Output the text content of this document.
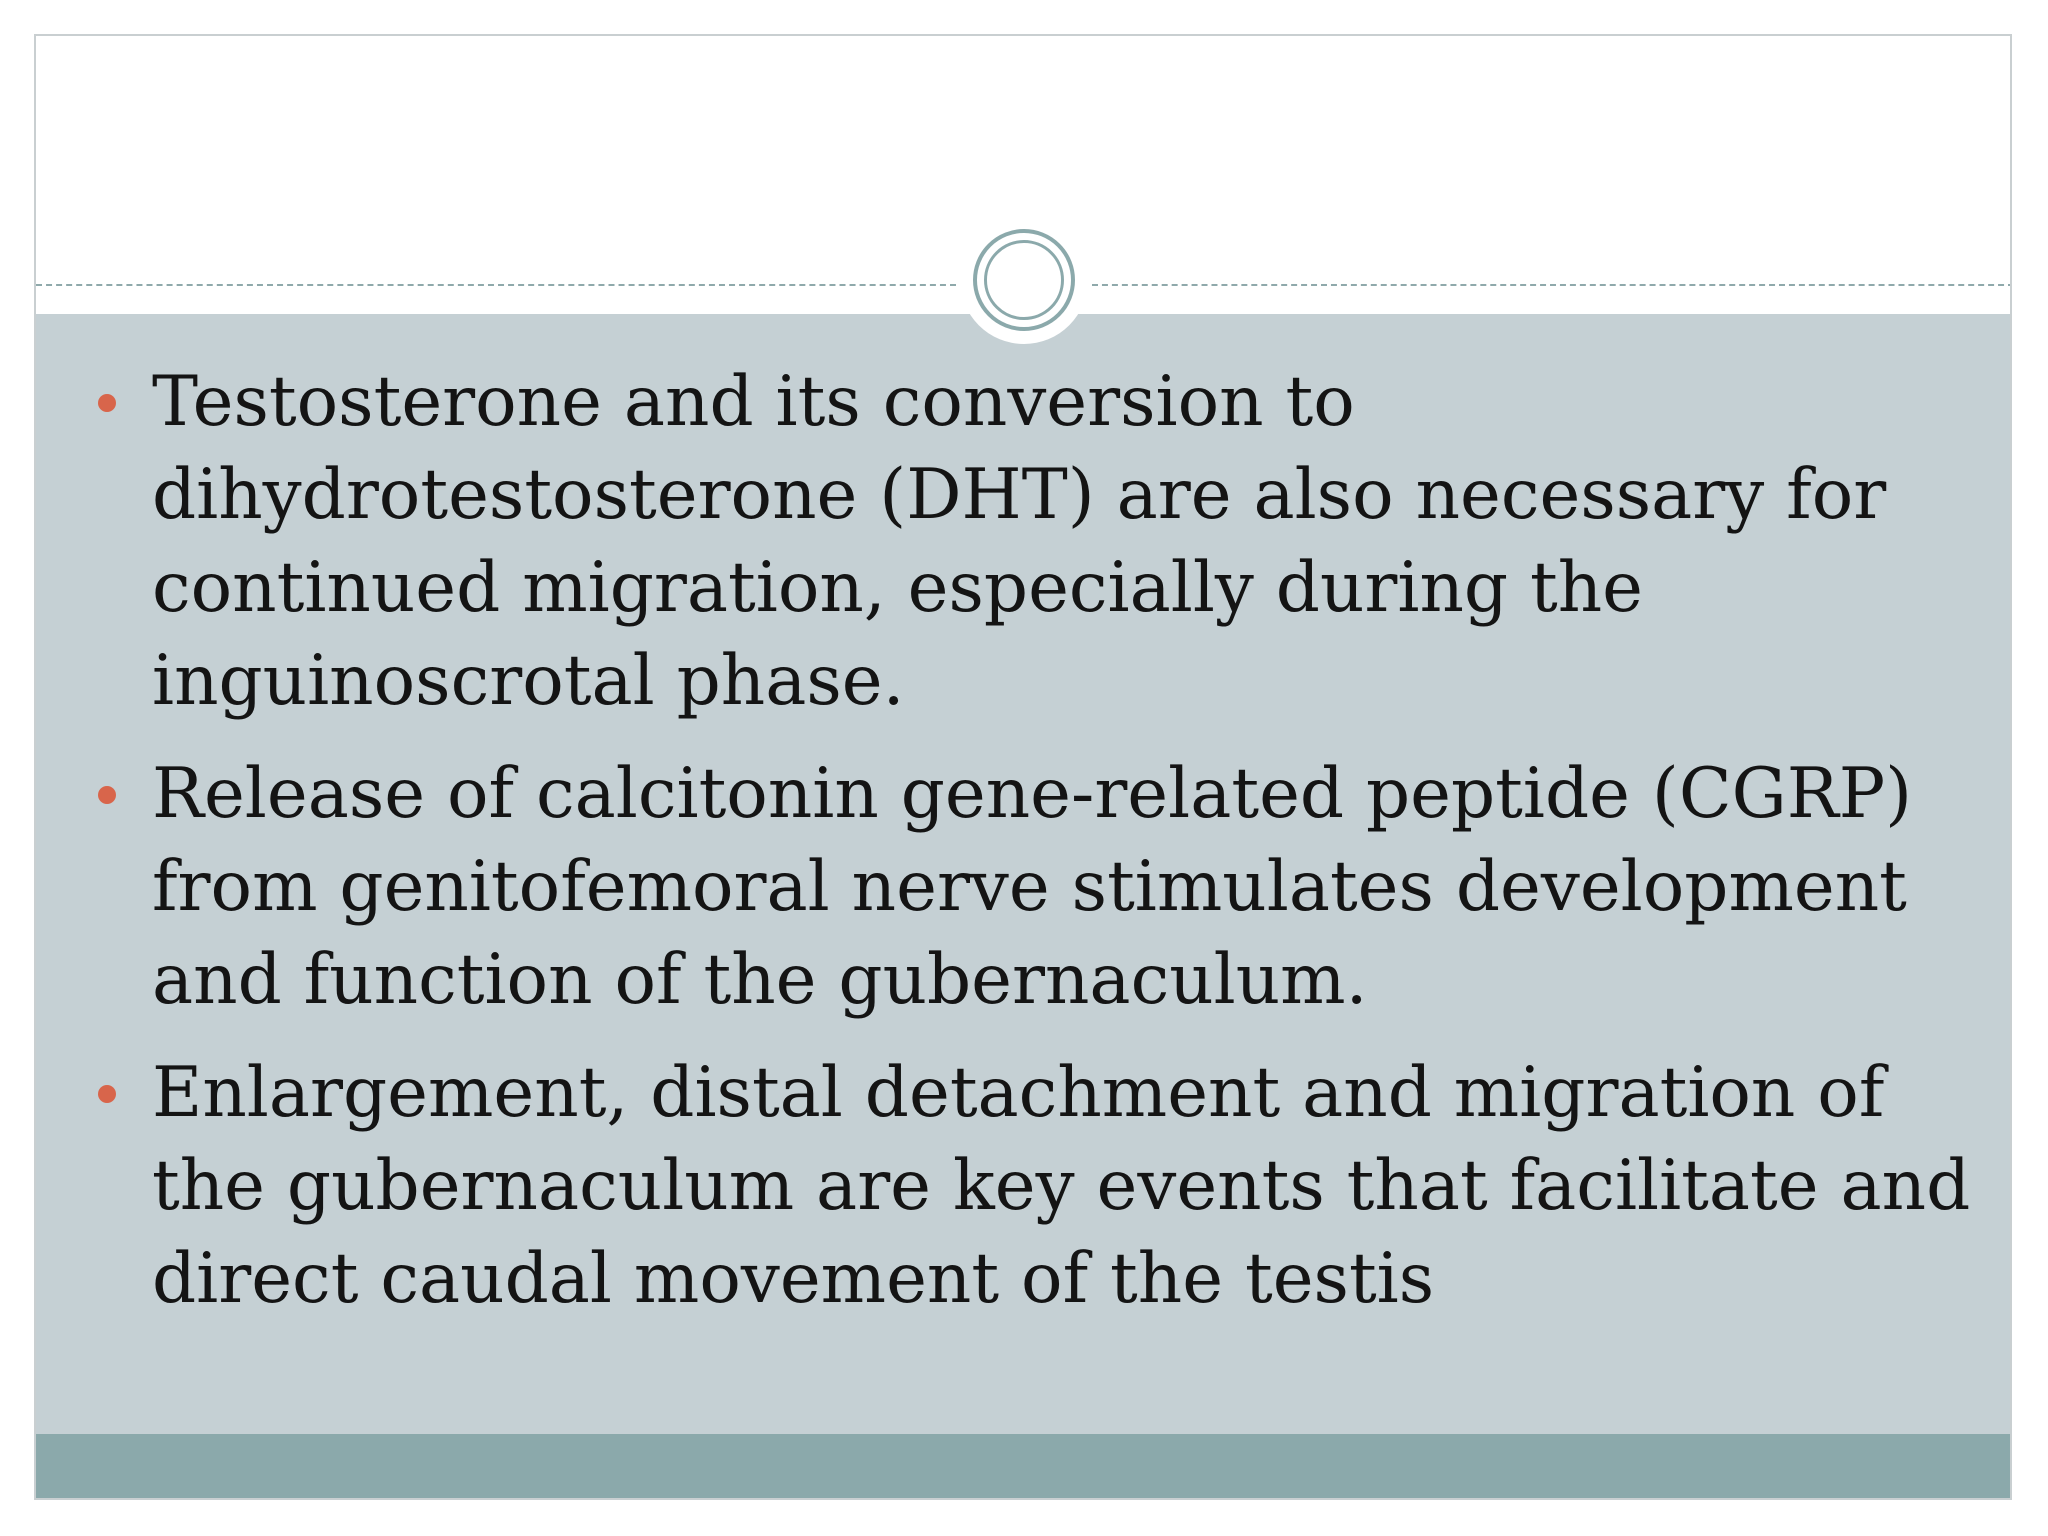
Testosterone and its conversion to dihydrotestosterone (DHT) are also necessary for continued migration, especially during the inguinoscrotal phase.
Release of calcitonin gene-related peptide (CGRP) from genitofemoral nerve stimulates development and function of the gubernaculum.
Enlargement, distal detachment and migration of the gubernaculum are key events that facilitate and direct caudal movement of the testis
